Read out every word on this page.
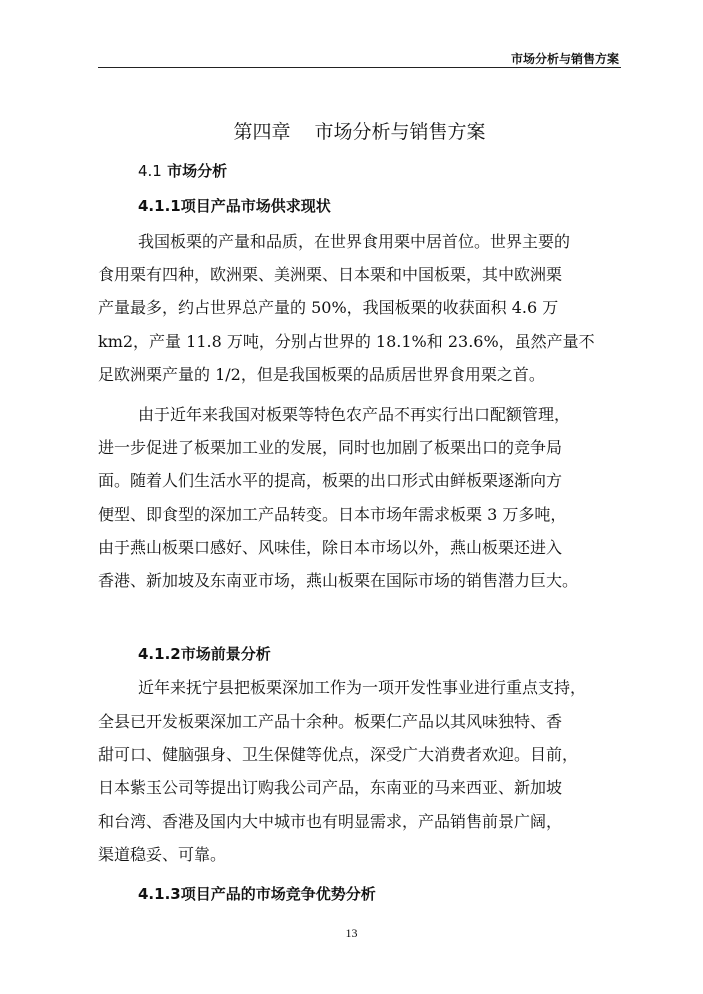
市场分析与销售方案
第四章 市场分析与销售方案
4.1 市场分析
4.1.1项目产品市场供求现状
我国板栗的产量和品质，在世界食用栗中居首位。世界主要的
食用栗有四种，欧洲栗、美洲栗、日本栗和中国板栗，其中欧洲栗
产量最多，约占世界总产量的 50%，我国板栗的收获面积 4.6 万
km2，产量 11.8 万吨，分别占世界的 18.1%和 23.6%，虽然产量不
足欧洲栗产量的 1/2，但是我国板栗的品质居世界食用栗之首。
由于近年来我国对板栗等特色农产品不再实行出口配额管理，
进一步促进了板栗加工业的发展，同时也加剧了板栗出口的竞争局
面。随着人们生活水平的提高，板栗的出口形式由鲜板栗逐渐向方
便型、即食型的深加工产品转变。日本市场年需求板栗 3 万多吨，
由于燕山板栗口感好、风味佳，除日本市场以外，燕山板栗还进入
香港、新加坡及东南亚市场，燕山板栗在国际市场的销售潜力巨大。
4.1.2市场前景分析
近年来抚宁县把板栗深加工作为一项开发性事业进行重点支持，
全县已开发板栗深加工产品十余种。板栗仁产品以其风味独特、香
甜可口、健脑强身、卫生保健等优点，深受广大消费者欢迎。目前，
日本紫玉公司等提出订购我公司产品，东南亚的马来西亚、新加坡
和台湾、香港及国内大中城市也有明显需求，产品销售前景广阔，
渠道稳妥、可靠。
4.1.3项目产品的市场竞争优势分析
13
